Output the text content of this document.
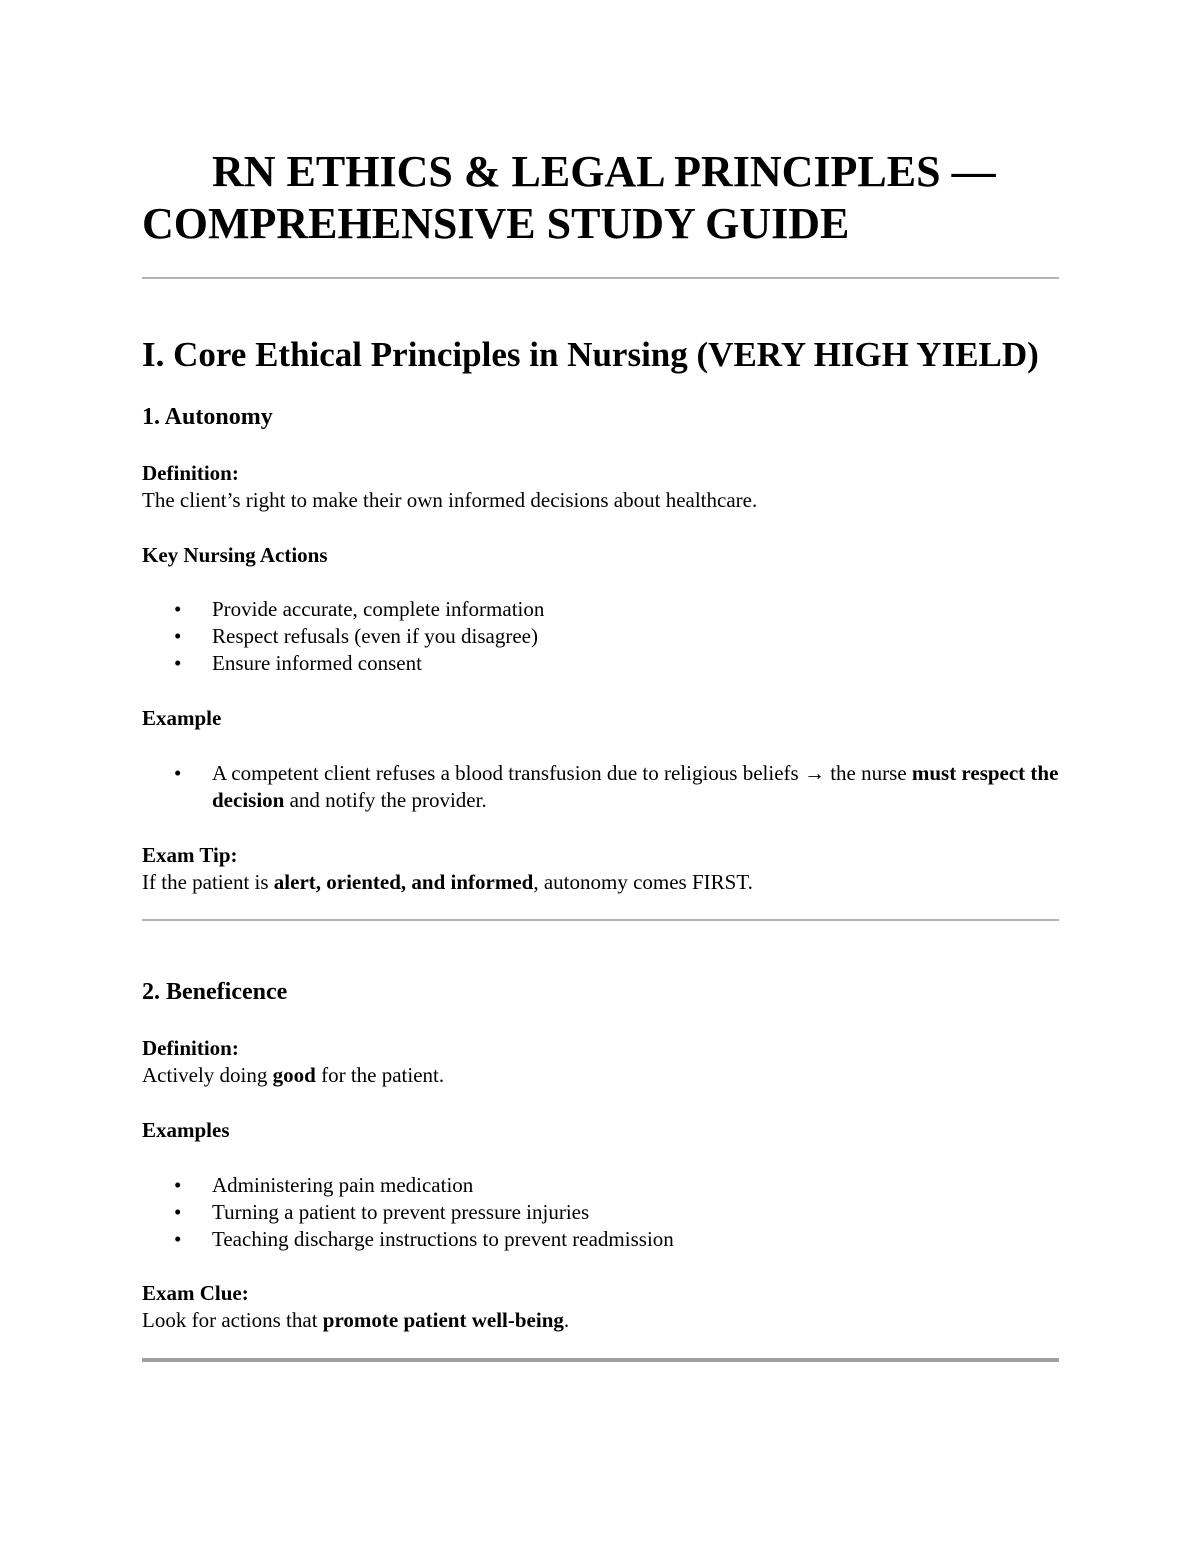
RN ETHICS & LEGAL PRINCIPLES — COMPREHENSIVE STUDY GUIDE
I. Core Ethical Principles in Nursing (VERY HIGH YIELD)
1. Autonomy

Definition:

The client’s right to make their own informed decisions about healthcare.

Key Nursing Actions

• Provide accurate, complete information
• Respect refusals (even if you disagree)
• Ensure informed consent

Example

• A competent client refuses a blood transfusion due to religious beliefs → the nurse must respect the decision and notify the provider.

Exam Tip:

If the patient is alert, oriented, and informed, autonomy comes FIRST.

2. Beneficence

Definition:

Actively doing good for the patient.

Examples

• Administering pain medication
• Turning a patient to prevent pressure injuries
• Teaching discharge instructions to prevent readmission

Exam Clue:

Look for actions that promote patient well-being.
